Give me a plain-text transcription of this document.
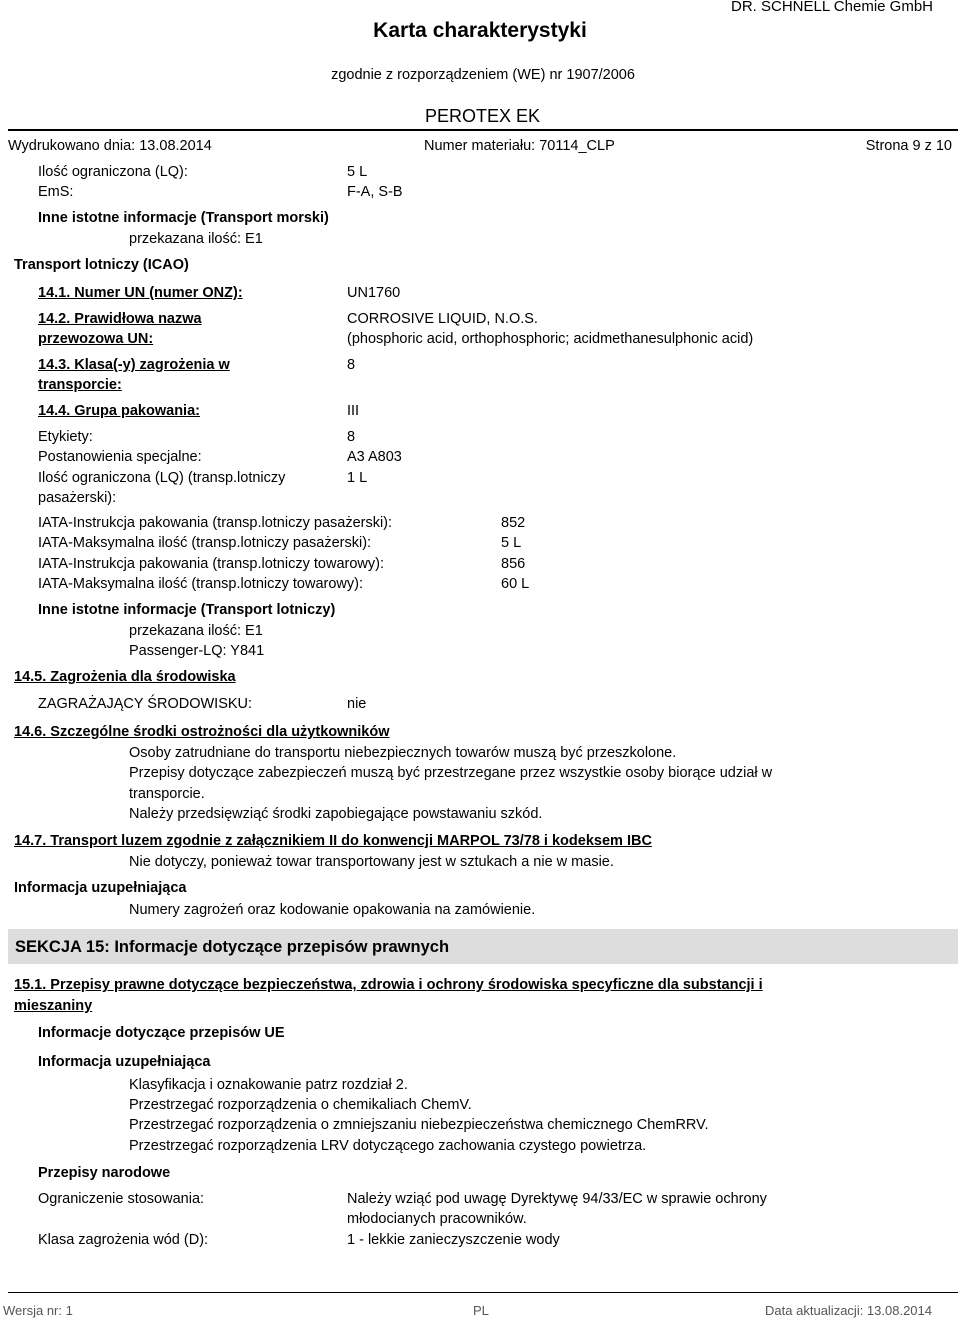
DR. SCHNELL Chemie GmbH
Karta charakterystyki
zgodnie z rozporządzeniem (WE) nr 1907/2006
PEROTEX EK
Wydrukowano dnia: 13.08.2014	Numer materiału: 70114_CLP	Strona 9 z 10
Ilość ograniczona (LQ):	5 L
EmS:	F-A, S-B
Inne istotne informacje (Transport morski)
przekazana ilość: E1
Transport lotniczy (ICAO)
14.1. Numer UN (numer ONZ):	UN1760
14.2. Prawidłowa nazwa
przewozowa UN:
CORROSIVE LIQUID, N.O.S.
(phosphoric acid, orthophosphoric; acidmethanesulphonic acid)
14.3. Klasa(-y) zagrożenia w
transporcie:
8
14.4. Grupa pakowania:	III
Etykiety:	8
Postanowienia specjalne:	A3 A803
Ilość ograniczona (LQ) (transp.lotniczy
pasażerski):
1 L
IATA-Instrukcja pakowania (transp.lotniczy pasażerski):	852
IATA-Maksymalna ilość (transp.lotniczy pasażerski):	5 L
IATA-Instrukcja pakowania (transp.lotniczy towarowy):	856
IATA-Maksymalna ilość (transp.lotniczy towarowy):	60 L
Inne istotne informacje (Transport lotniczy)
przekazana ilość: E1
Passenger-LQ: Y841
14.5. Zagrożenia dla środowiska
ZAGRAŻAJĄCY ŚRODOWISKU:	nie
14.6. Szczególne środki ostrożności dla użytkowników
Osoby zatrudniane do transportu niebezpiecznych towarów muszą być przeszkolone.
Przepisy dotyczące zabezpieczeń muszą być przestrzegane przez wszystkie osoby biorące udział w
transporcie.
Należy przedsięwziąć środki zapobiegające powstawaniu szkód.
14.7. Transport luzem zgodnie z załącznikiem II do konwencji MARPOL 73/78 i kodeksem IBC
Nie dotyczy, ponieważ towar transportowany jest w sztukach a nie w masie.
Informacja uzupełniająca
Numery zagrożeń oraz kodowanie opakowania na zamówienie.
SEKCJA 15: Informacje dotyczące przepisów prawnych
15.1. Przepisy prawne dotyczące bezpieczeństwa, zdrowia i ochrony środowiska specyficzne dla substancji i
mieszaniny
Informacje dotyczące przepisów UE
Informacja uzupełniająca
Klasyfikacja i oznakowanie patrz rozdział 2.
Przestrzegać rozporządzenia o chemikaliach ChemV.
Przestrzegać rozporządzenia o zmniejszaniu niebezpieczeństwa chemicznego ChemRRV.
Przestrzegać rozporządzenia LRV dotyczącego zachowania czystego powietrza.
Przepisy narodowe
Ograniczenie stosowania:	Należy wziąć pod uwagę Dyrektywę 94/33/EC w sprawie ochrony
młodocianych pracowników.
Klasa zagrożenia wód (D):	1 - lekkie zanieczyszczenie wody
Wersja nr: 1	PL	Data aktualizacji: 13.08.2014
